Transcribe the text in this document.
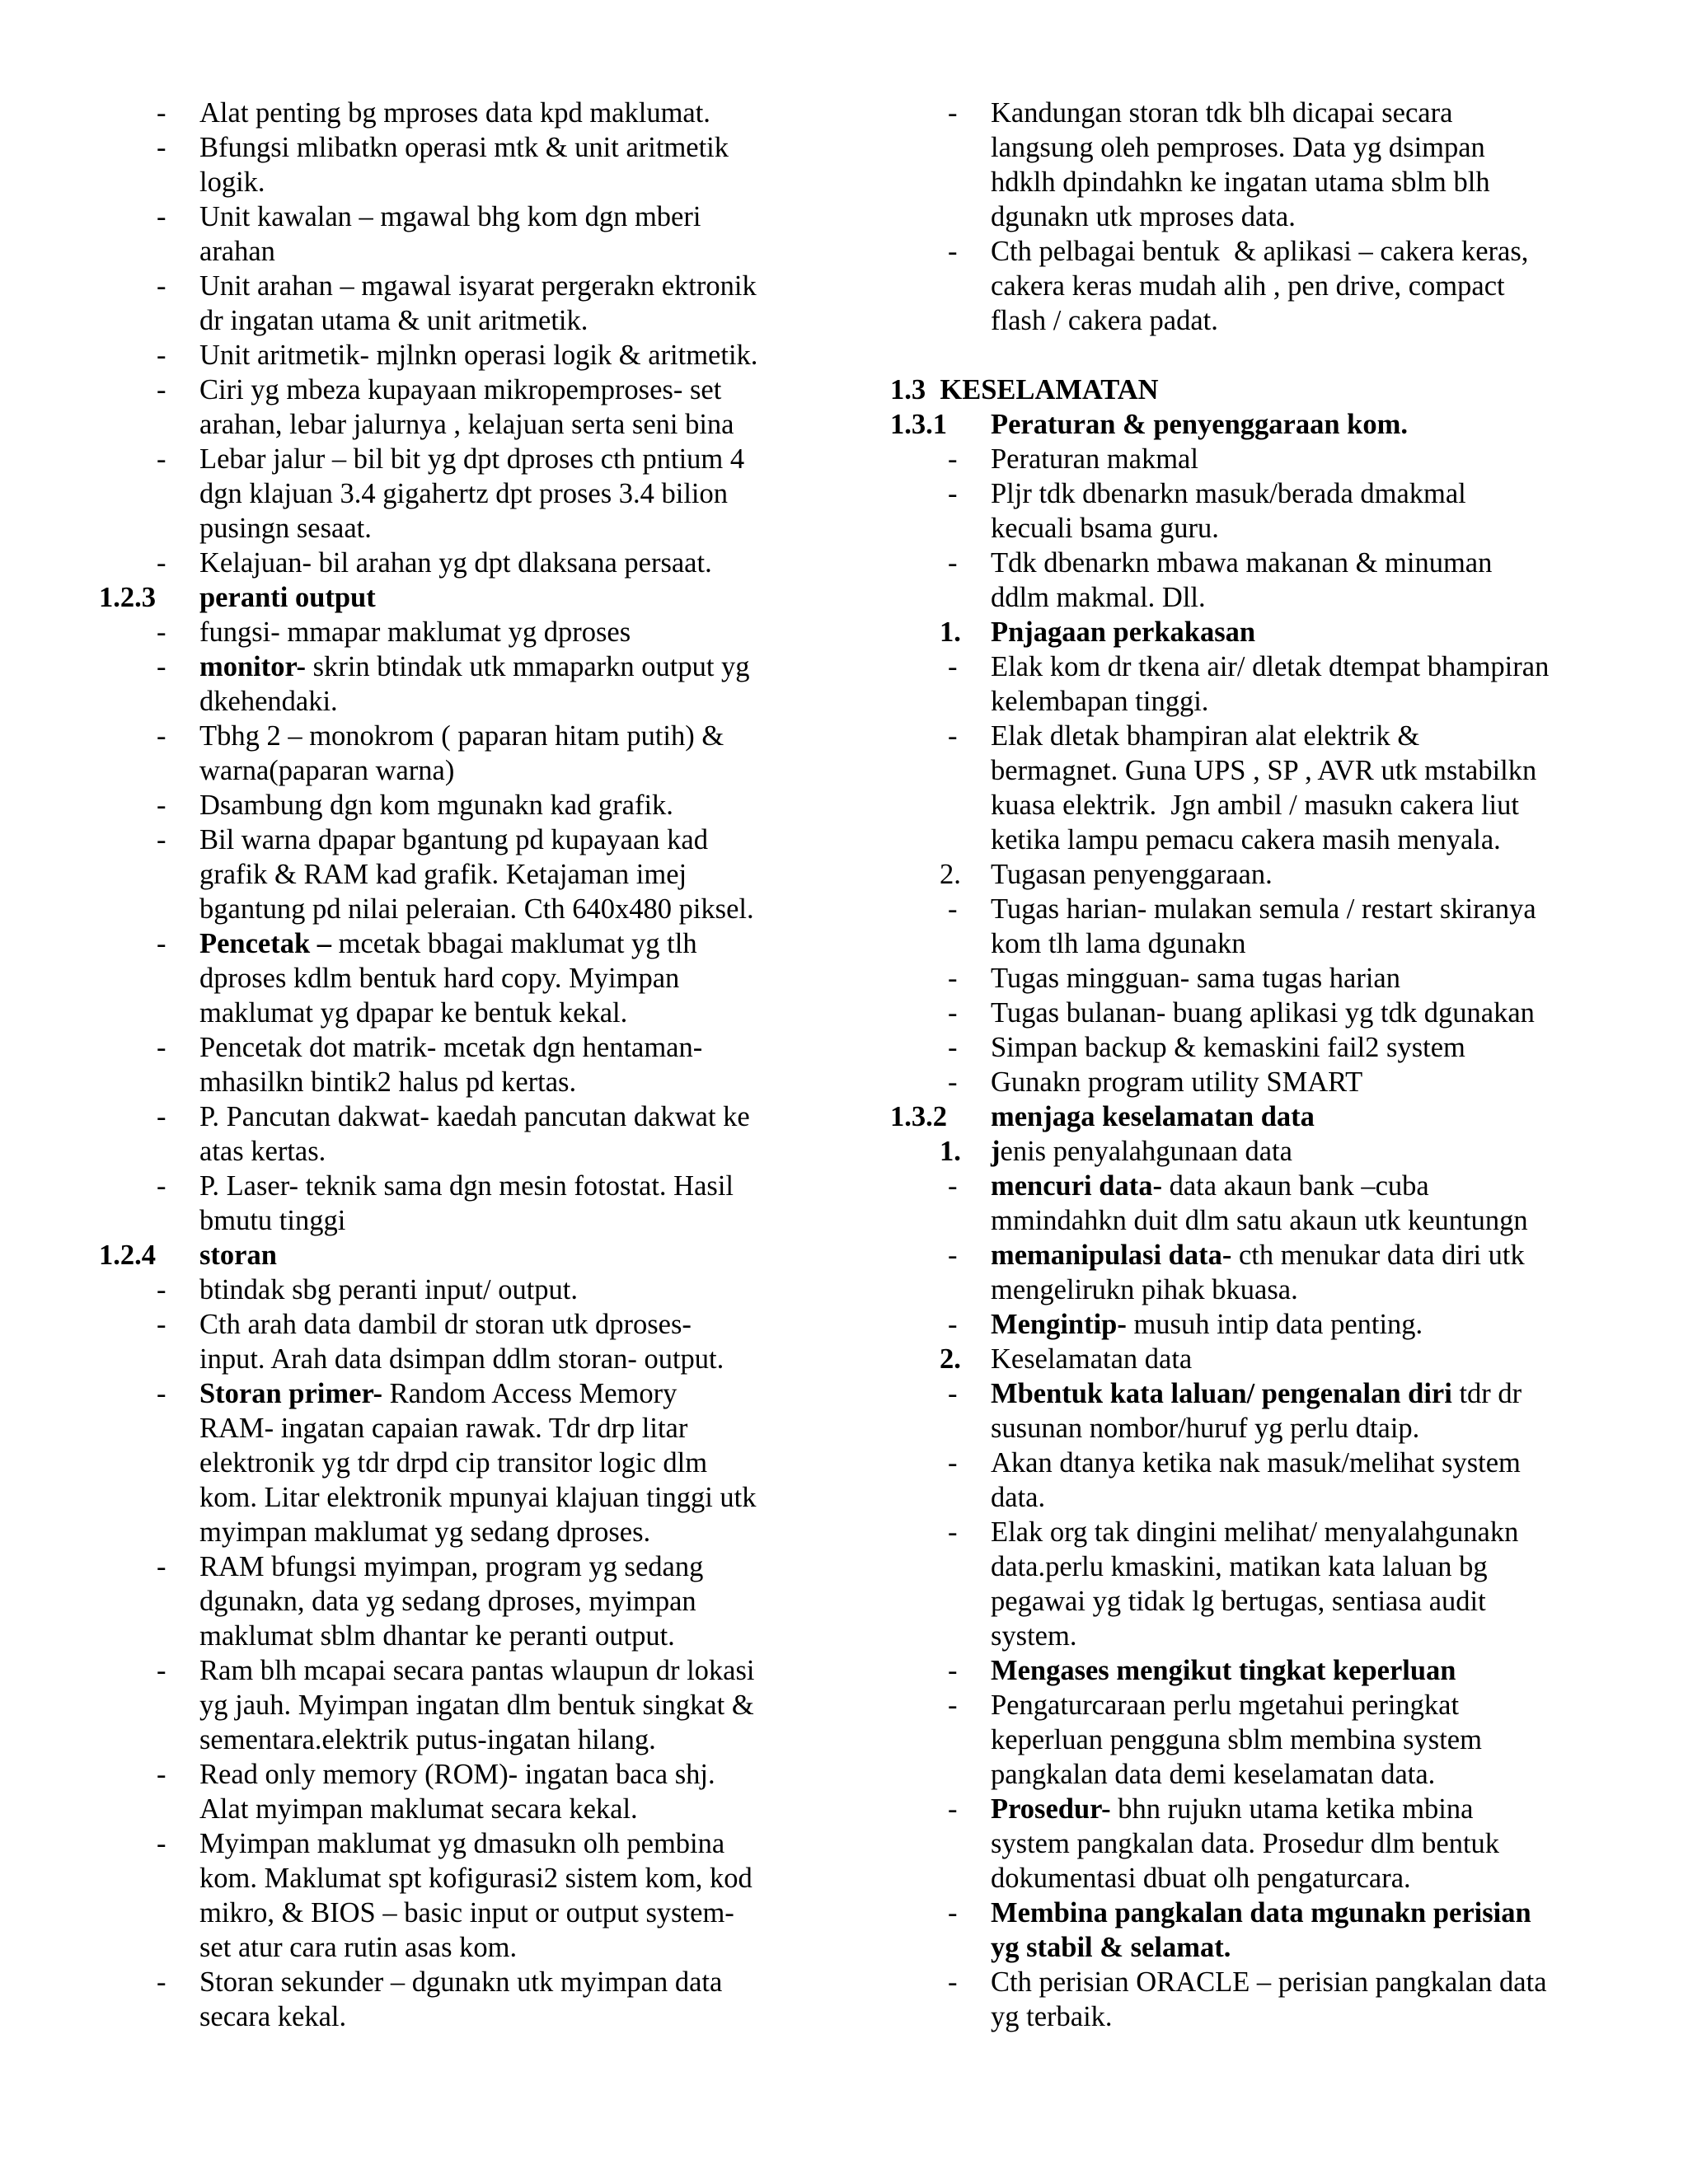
- Alat penting bg mproses data kpd maklumat.
- Bfungsi mlibatkn operasi mtk & unit aritmetik
logik.
- Unit kawalan – mgawal bhg kom dgn mberi
arahan
- Unit arahan – mgawal isyarat pergerakn ektronik
dr ingatan utama & unit aritmetik.
- Unit aritmetik- mjlnkn operasi logik & aritmetik.
- Ciri yg mbeza kupayaan mikropemproses- set
arahan, lebar jalurnya , kelajuan serta seni bina
- Lebar jalur – bil bit yg dpt dproses cth pntium 4
dgn klajuan 3.4 gigahertz dpt proses 3.4 bilion
pusingn sesaat.
- Kelajuan- bil arahan yg dpt dlaksana persaat.
1.2.3 peranti output
- fungsi- mmapar maklumat yg dproses
- monitor- skrin btindak utk mmaparkn output yg
dkehendaki.
- Tbhg 2 – monokrom ( paparan hitam putih) &
warna(paparan warna)
- Dsambung dgn kom mgunakn kad grafik.
- Bil warna dpapar bgantung pd kupayaan kad
grafik & RAM kad grafik. Ketajaman imej
bgantung pd nilai peleraian. Cth 640x480 piksel.
- Pencetak – mcetak bbagai maklumat yg tlh
dproses kdlm bentuk hard copy. Myimpan
maklumat yg dpapar ke bentuk kekal.
- Pencetak dot matrik- mcetak dgn hentaman-
mhasilkn bintik2 halus pd kertas.
- P. Pancutan dakwat- kaedah pancutan dakwat ke
atas kertas.
- P. Laser- teknik sama dgn mesin fotostat. Hasil
bmutu tinggi
1.2.4 storan
- btindak sbg peranti input/ output.
- Cth arah data dambil dr storan utk dproses-
input. Arah data dsimpan ddlm storan- output.
- Storan primer- Random Access Memory
RAM- ingatan capaian rawak. Tdr drp litar
elektronik yg tdr drpd cip transitor logic dlm
kom. Litar elektronik mpunyai klajuan tinggi utk
myimpan maklumat yg sedang dproses.
- RAM bfungsi myimpan, program yg sedang
dgunakn, data yg sedang dproses, myimpan
maklumat sblm dhantar ke peranti output.
- Ram blh mcapai secara pantas wlaupun dr lokasi
yg jauh. Myimpan ingatan dlm bentuk singkat &
sementara.elektrik putus-ingatan hilang.
- Read only memory (ROM)- ingatan baca shj.
Alat myimpan maklumat secara kekal.
- Myimpan maklumat yg dmasukn olh pembina
kom. Maklumat spt kofigurasi2 sistem kom, kod
mikro, & BIOS – basic input or output system-
set atur cara rutin asas kom.
- Storan sekunder – dgunakn utk myimpan data
secara kekal.
- Kandungan storan tdk blh dicapai secara
langsung oleh pemproses. Data yg dsimpan
hdklh dpindahkn ke ingatan utama sblm blh
dgunakn utk mproses data.
- Cth pelbagai bentuk  & aplikasi – cakera keras,
cakera keras mudah alih , pen drive, compact
flash / cakera padat.
1.3  KESELAMATAN
1.3.1 Peraturan & penyenggaraan kom.
- Peraturan makmal
- Pljr tdk dbenarkn masuk/berada dmakmal
kecuali bsama guru.
- Tdk dbenarkn mbawa makanan & minuman
ddlm makmal. Dll.
1. Pnjagaan perkakasan
- Elak kom dr tkena air/ dletak dtempat bhampiran
kelembapan tinggi.
- Elak dletak bhampiran alat elektrik &
bermagnet. Guna UPS , SP , AVR utk mstabilkn
kuasa elektrik.  Jgn ambil / masukn cakera liut
ketika lampu pemacu cakera masih menyala.
2. Tugasan penyenggaraan.
- Tugas harian- mulakan semula / restart skiranya
kom tlh lama dgunakn
- Tugas mingguan- sama tugas harian
- Tugas bulanan- buang aplikasi yg tdk dgunakan
- Simpan backup & kemaskini fail2 system
- Gunakn program utility SMART
1.3.2 menjaga keselamatan data
1. jenis penyalahgunaan data
- mencuri data- data akaun bank –cuba
mmindahkn duit dlm satu akaun utk keuntungn
- memanipulasi data- cth menukar data diri utk
mengelirukn pihak bkuasa.
- Mengintip- musuh intip data penting.
2. Keselamatan data
- Mbentuk kata laluan/ pengenalan diri tdr dr
susunan nombor/huruf yg perlu dtaip.
- Akan dtanya ketika nak masuk/melihat system
data.
- Elak org tak dingini melihat/ menyalahgunakn
data.perlu kmaskini, matikan kata laluan bg
pegawai yg tidak lg bertugas, sentiasa audit
system.
- Mengases mengikut tingkat keperluan
- Pengaturcaraan perlu mgetahui peringkat
keperluan pengguna sblm membina system
pangkalan data demi keselamatan data.
- Prosedur- bhn rujukn utama ketika mbina
system pangkalan data. Prosedur dlm bentuk
dokumentasi dbuat olh pengaturcara.
- Membina pangkalan data mgunakn perisian
yg stabil & selamat.
- Cth perisian ORACLE – perisian pangkalan data
yg terbaik.
